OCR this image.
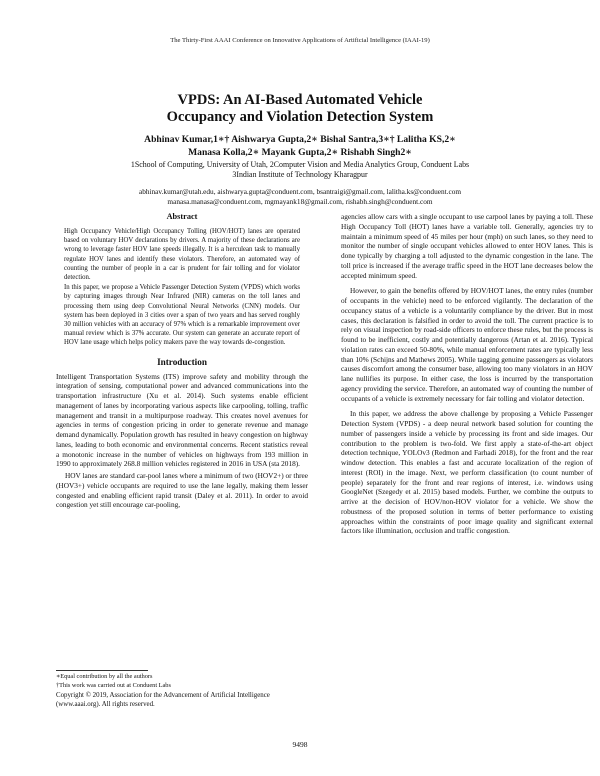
The Thirty-First AAAI Conference on Innovative Applications of Artificial Intelligence (IAAI-19)
VPDS: An AI-Based Automated Vehicle
Occupancy and Violation Detection System
Abhinav Kumar,1∗† Aishwarya Gupta,2∗ Bishal Santra,3∗† Lalitha KS,2∗
Manasa Kolla,2∗ Mayank Gupta,2∗ Rishabh Singh2∗
1School of Computing, University of Utah, 2Computer Vision and Media Analytics Group, Conduent Labs
3Indian Institute of Technology Kharagpur
abhinav.kumar@utah.edu, aishwarya.gupta@conduent.com, bsantraigi@gmail.com, lalitha.ks@conduent.com
manasa.manasa@conduent.com, mgmayank18@gmail.com, rishabh.singh@conduent.com
Abstract

High Occupancy Vehicle/High Occupancy Tolling (HOV/HOT) lanes are operated based on voluntary HOV declarations by drivers. A majority of these declarations are wrong to leverage faster HOV lane speeds illegally. It is a herculean task to manually regulate HOV lanes and identify these violators. Therefore, an automated way of counting the number of people in a car is prudent for fair tolling and for violator detection.

In this paper, we propose a Vehicle Passenger Detection System (VPDS) which works by capturing images through Near Infrared (NIR) cameras on the toll lanes and processing them using deep Convolutional Neural Networks (CNN) models. Our system has been deployed in 3 cities over a span of two years and has served roughly 30 million vehicles with an accuracy of 97% which is a remarkable improvement over manual review which is 37% accurate. Our system can generate an accurate report of HOV lane usage which helps policy makers pave the way towards de-congestion.

Introduction

Intelligent Transportation Systems (ITS) improve safety and mobility through the integration of sensing, computational power and advanced communications into the transportation infrastructure (Xu et al. 2014). Such systems enable efficient management of lanes by incorporating various aspects like carpooling, tolling, traffic management and transit in a multipurpose roadway. This creates novel avenues for agencies in terms of congestion pricing in order to generate revenue and manage demand dynamically. Population growth has resulted in heavy congestion on highway lanes, leading to both economic and environmental concerns. Recent statistics reveal a monotonic increase in the number of vehicles on highways from 193 million in 1990 to approximately 268.8 million vehicles registered in 2016 in USA (sta 2018).

HOV lanes are standard car-pool lanes where a minimum of two (HOV2+) or three (HOV3+) vehicle occupants are required to use the lane legally, making them lesser congested and enabling efficient rapid transit (Daley et al. 2011). In order to avoid congestion yet still encourage car-pooling,

∗Equal contribution by all the authors
†This work was carried out at Conduent Labs
Copyright © 2019, Association for the Advancement of Artificial Intelligence (www.aaai.org). All rights reserved.

agencies allow cars with a single occupant to use carpool lanes by paying a toll. These High Occupancy Toll (HOT) lanes have a variable toll. Generally, agencies try to maintain a minimum speed of 45 miles per hour (mph) on such lanes, so they need to monitor the number of single occupant vehicles allowed to enter HOV lanes. This is done typically by charging a toll adjusted to the dynamic congestion in the lane. The toll price is increased if the average traffic speed in the HOT lane decreases below the accepted minimum speed.

However, to gain the benefits offered by HOV/HOT lanes, the entry rules (number of occupants in the vehicle) need to be enforced vigilantly. The declaration of the occupancy status of a vehicle is a voluntarily compliance by the driver. But in most cases, this declaration is falsified in order to avoid the toll. The current practice is to rely on visual inspection by road-side officers to enforce these rules, but the process is found to be inefficient, costly and potentially dangerous (Artan et al. 2016). Typical violation rates can exceed 50-80%, while manual enforcement rates are typically less than 10% (Schijns and Mathews 2005). While tagging genuine passengers as violators causes discomfort among the consumer base, allowing too many violators in an HOV lane nullifies its purpose. In either case, the loss is incurred by the transportation agency providing the service. Therefore, an automated way of counting the number of occupants of a vehicle is extremely necessary for fair tolling and violator detection.

In this paper, we address the above challenge by proposing a Vehicle Passenger Detection System (VPDS) - a deep neural network based solution for counting the number of passengers inside a vehicle by processing its front and side images. Our contribution to the problem is two-fold. We first apply a state-of-the-art object detection technique, YOLOv3 (Redmon and Farhadi 2018), for the front and the rear window detection. This enables a fast and accurate localization of the region of interest (ROI) in the image. Next, we perform classification (to count number of people) separately for the front and rear regions of interest, i.e. windows using GoogleNet (Szegedy et al. 2015) based models. Further, we combine the outputs to arrive at the decision of HOV/non-HOV violator for a vehicle. We show the robustness of the proposed solution in terms of better performance to existing approaches within the constraints of poor image quality and significant external factors like illumination, occlusion and traffic congestion.

9498
